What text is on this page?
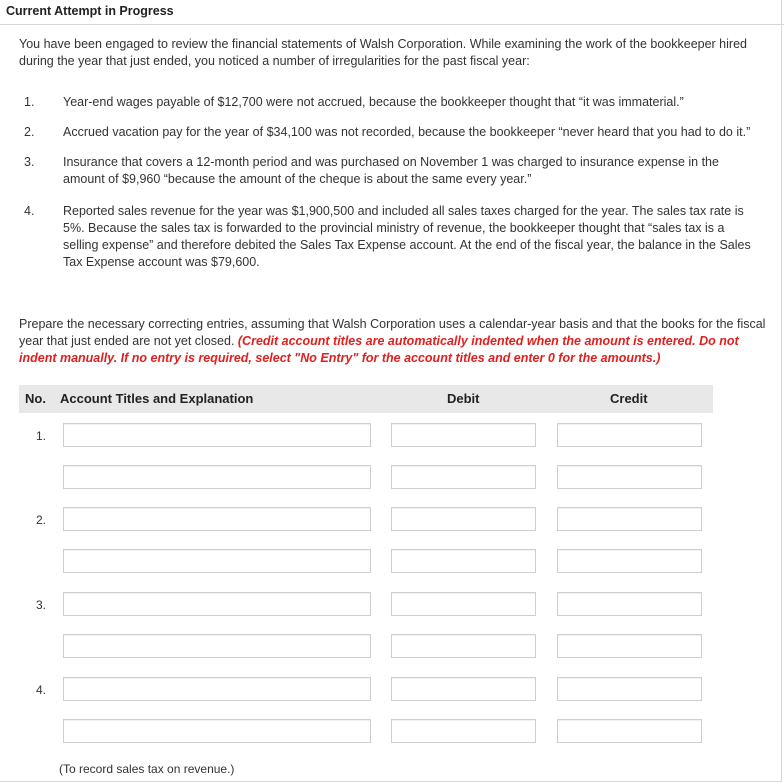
Current Attempt in Progress
You have been engaged to review the financial statements of Walsh Corporation. While examining the work of the bookkeeper hired during the year that just ended, you noticed a number of irregularities for the past fiscal year:
1.	Year-end wages payable of $12,700 were not accrued, because the bookkeeper thought that “it was immaterial.”
2.	Accrued vacation pay for the year of $34,100 was not recorded, because the bookkeeper “never heard that you had to do it.”
3.	Insurance that covers a 12-month period and was purchased on November 1 was charged to insurance expense in the amount of $9,960 “because the amount of the cheque is about the same every year.”
4.	Reported sales revenue for the year was $1,900,500 and included all sales taxes charged for the year. The sales tax rate is 5%. Because the sales tax is forwarded to the provincial ministry of revenue, the bookkeeper thought that “sales tax is a selling expense” and therefore debited the Sales Tax Expense account. At the end of the fiscal year, the balance in the Sales Tax Expense account was $79,600.
Prepare the necessary correcting entries, assuming that Walsh Corporation uses a calendar-year basis and that the books for the fiscal year that just ended are not yet closed. (Credit account titles are automatically indented when the amount is entered. Do not indent manually. If no entry is required, select "No Entry" for the account titles and enter 0 for the amounts.)
No. Account Titles and Explanation	Debit	Credit
1.
2.
3.
4.
(To record sales tax on revenue.)
